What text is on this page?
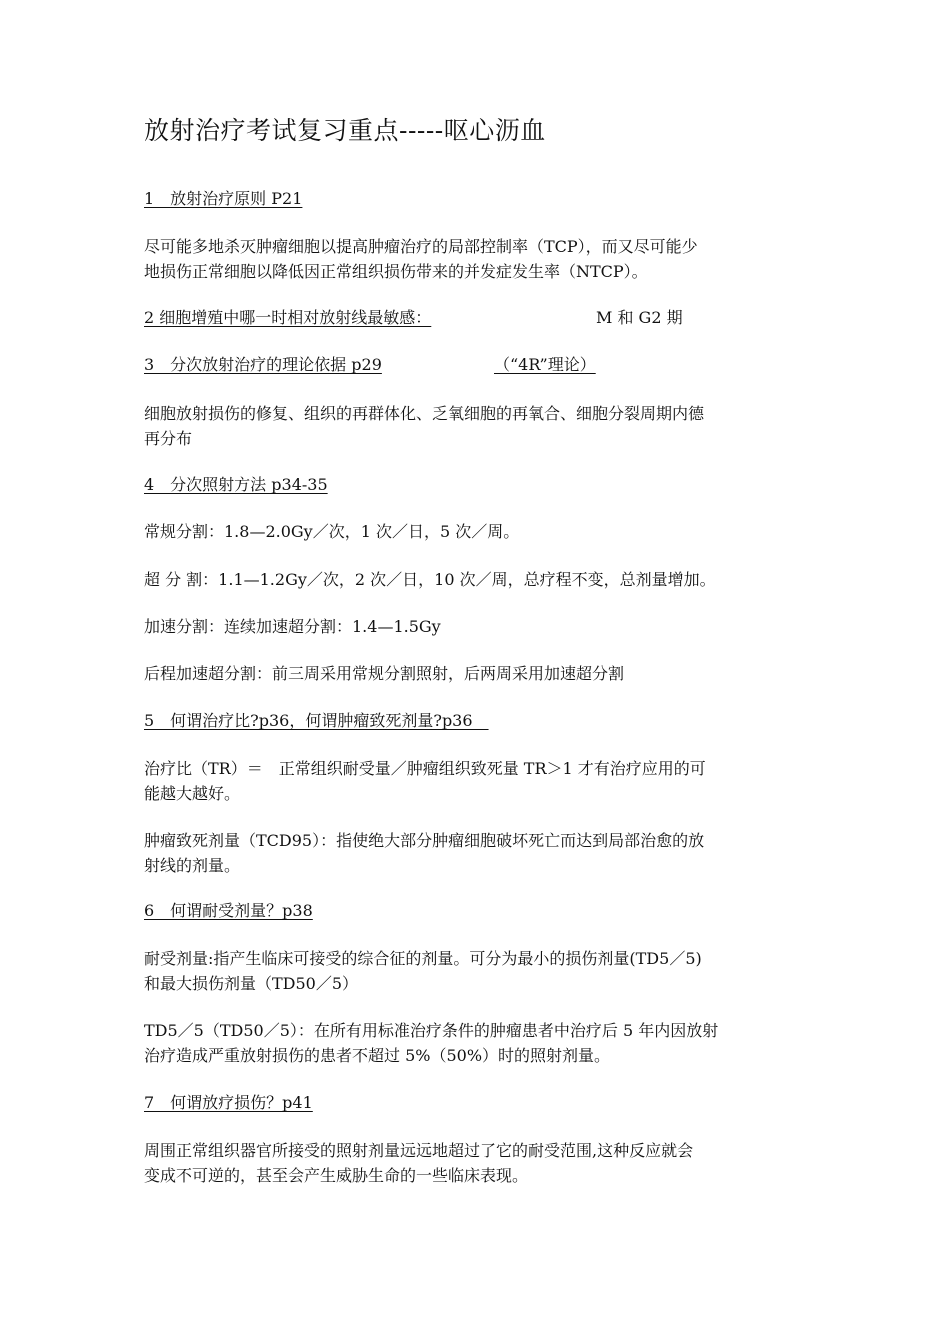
放射治疗考试复习重点-----呕心沥血
1　放射治疗原则 P21
尽可能多地杀灭肿瘤细胞以提高肿瘤治疗的局部控制率（TCP），而又尽可能少
地损伤正常细胞以降低因正常组织损伤带来的并发症发生率（NTCP）。
2 细胞增殖中哪一时相对放射线最敏感：	M 和 G2 期
3　分次放射治疗的理论依据 p29	（“4R”理论）
细胞放射损伤的修复、组织的再群体化、乏氧细胞的再氧合、细胞分裂周期内德
再分布
4　分次照射方法 p34-35
常规分割：1.8—2.0Gy／次，1 次／日，5 次／周。
超 分 割：1.1—1.2Gy／次，2 次／日，10 次／周，总疗程不变，总剂量增加。
加速分割：连续加速超分割：1.4—1.5Gy
后程加速超分割：前三周采用常规分割照射，后两周采用加速超分割
5　何谓治疗比?p36，何谓肿瘤致死剂量?p36　
治疗比（TR）＝　正常组织耐受量／肿瘤组织致死量 TR＞1 才有治疗应用的可
能越大越好。
肿瘤致死剂量（TCD95）：指使绝大部分肿瘤细胞破坏死亡而达到局部治愈的放
射线的剂量。
6　何谓耐受剂量？p38
耐受剂量:指产生临床可接受的综合征的剂量。可分为最小的损伤剂量(TD5／5)
和最大损伤剂量（TD50／5）
TD5／5（TD50／5）：在所有用标准治疗条件的肿瘤患者中治疗后 5 年内因放射
治疗造成严重放射损伤的患者不超过 5%（50%）时的照射剂量。
7　何谓放疗损伤？p41
周围正常组织器官所接受的照射剂量远远地超过了它的耐受范围,这种反应就会
变成不可逆的，甚至会产生威胁生命的一些临床表现。
